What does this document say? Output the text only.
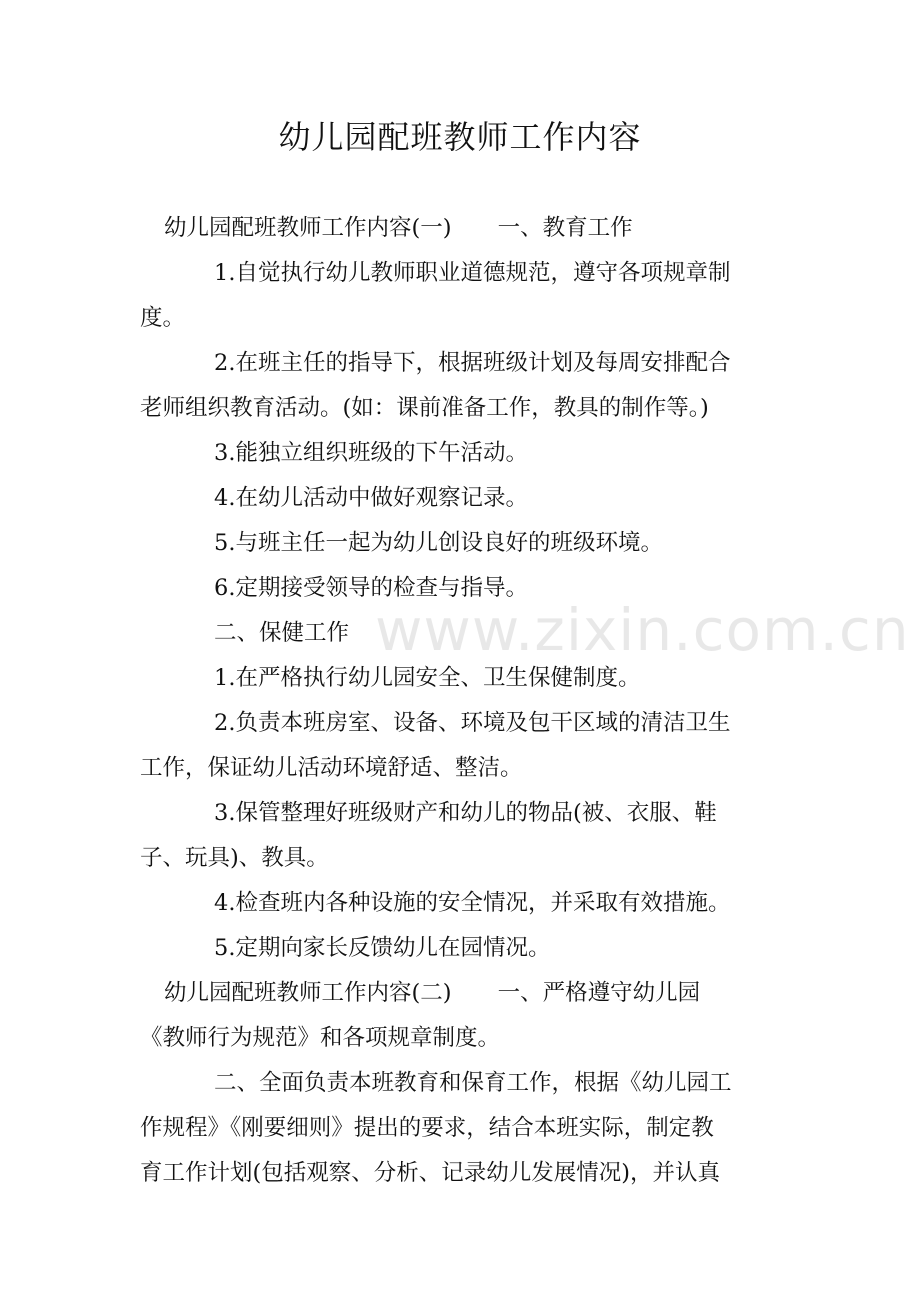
幼儿园配班教师工作内容
www.zixin.com.cn

幼儿园配班教师工作内容(一) 一、教育工作

1.自觉执行幼儿教师职业道德规范，遵守各项规章制

度。

2.在班主任的指导下，根据班级计划及每周安排配合

老师组织教育活动。(如：课前准备工作，教具的制作等。)

3.能独立组织班级的下午活动。

4.在幼儿活动中做好观察记录。

5.与班主任一起为幼儿创设良好的班级环境。

6.定期接受领导的检查与指导。

二、保健工作

1.在严格执行幼儿园安全、卫生保健制度。

2.负责本班房室、设备、环境及包干区域的清洁卫生

工作，保证幼儿活动环境舒适、整洁。

3.保管整理好班级财产和幼儿的物品(被、衣服、鞋

子、玩具)、教具。

4.检查班内各种设施的安全情况，并采取有效措施。

5.定期向家长反馈幼儿在园情况。

幼儿园配班教师工作内容(二) 一、严格遵守幼儿园

《教师行为规范》和各项规章制度。

二、全面负责本班教育和保育工作，根据《幼儿园工

作规程》《刚要细则》提出的要求，结合本班实际，制定教

育工作计划(包括观察、分析、记录幼儿发展情况)，并认真
